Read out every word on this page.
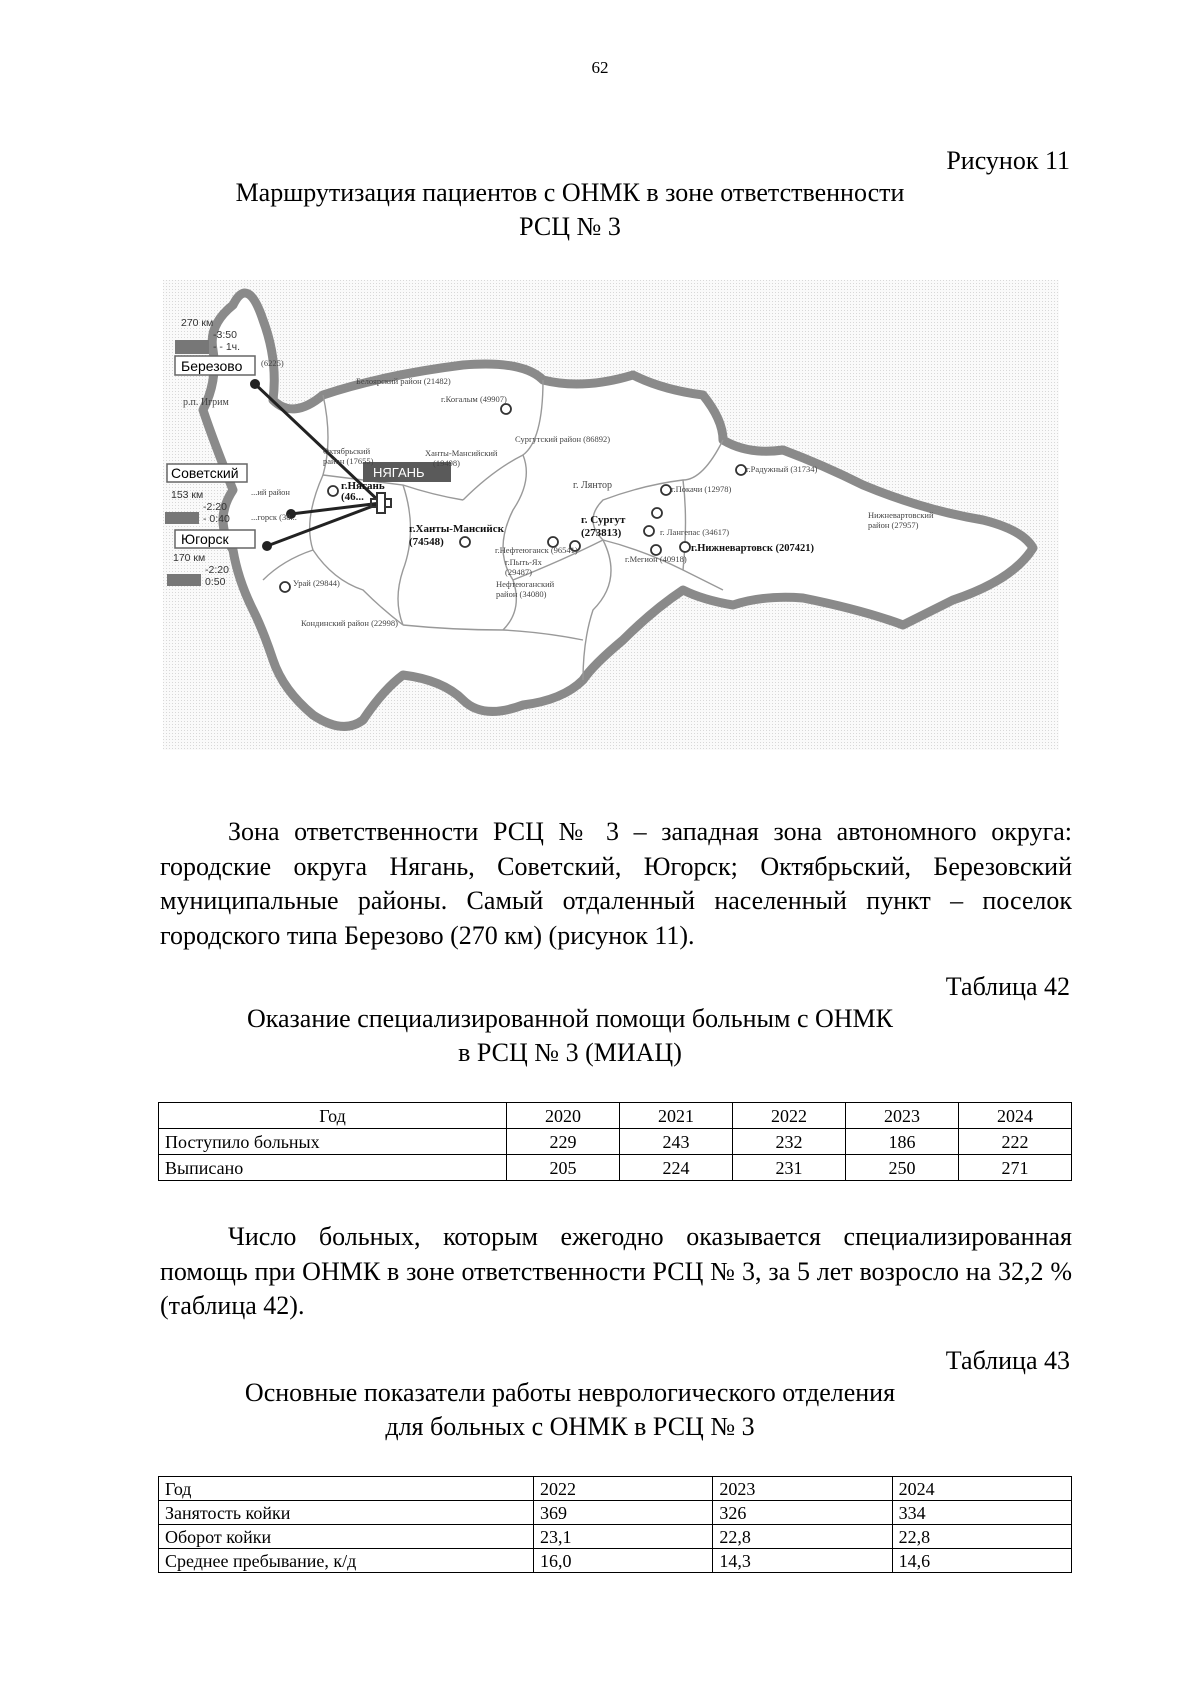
62
Рисунок 11
Маршрутизация пациентов с ОНМК в зоне ответственности
РСЦ № 3
Березово
Советский
Югорск
НЯГАНЬ
270 км
-3:50
- - 1ч.
153 км
-2:20
- 0:40
170 км
-2:20
0:50
(6225)
р.п. Игрим
Белоярский район (21482)
г.Когалым (49907)
Сургутский район (86892)
Октябрьский
район (17655)
Ханты-Мансийский
(19498)
г.Нягань
(46...
...ий район
...горск (38...
г.Ханты-Мансийск
(74548)
г. Лянтор	г.Покачи (12978)
г.Радужный (31734)
Нижневартовский
район (27957)
г. Сургут
(273813)	г. Лангепас (34617)
г.Мегион (40918)
г.Нижневартовск (207421)
г.Нефтеюганск (96541)
г.Пыть-Ях
(29487)
Нефтеюганский
район (34080)
Урай (29844)
Кондинский район (22998)

Зона ответственности РСЦ № 3 – западная зона автономного округа: городские округа Нягань, Советский, Югорск; Октябрьский, Березовский муниципальные районы. Самый отдаленный населенный пункт – поселок городского типа Березово (270 км) (рисунок 11).

Таблица 42
Оказание специализированной помощи больным с ОНМК
в РСЦ № 3 (МИАЦ)
Год	2020	2021	2022	2023	2024
Поступило больных	229	243	232	186	222
Выписано	205	224	231	250	271

Число больных, которым ежегодно оказывается специализированная помощь при ОНМК в зоне ответственности РСЦ № 3, за 5 лет возросло на 32,2 % (таблица 42).

Таблица 43
Основные показатели работы неврологического отделения
для больных с ОНМК в РСЦ № 3
Год	2022	2023	2024
Занятость койки	369	326	334
Оборот койки	23,1	22,8	22,8
Среднее пребывание, к/д	16,0	14,3	14,6
